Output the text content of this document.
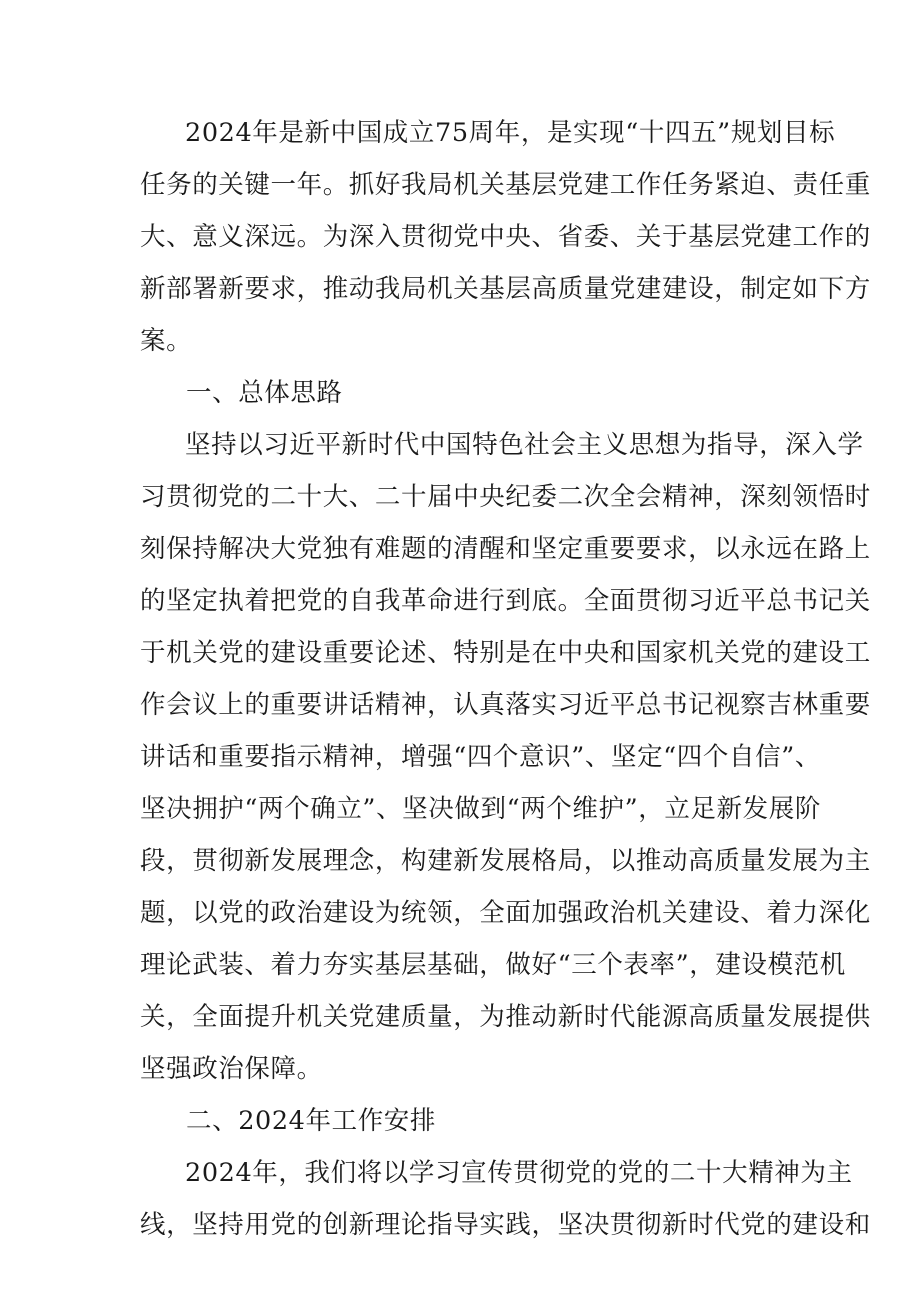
2024年是新中国成立75周年，是实现“十四五”规划目标
任务的关键一年。抓好我局机关基层党建工作任务紧迫、责任重
大、意义深远。为深入贯彻党中央、省委、关于基层党建工作的
新部署新要求，推动我局机关基层高质量党建建设，制定如下方
案。
一、总体思路
坚持以习近平新时代中国特色社会主义思想为指导，深入学
习贯彻党的二十大、二十届中央纪委二次全会精神，深刻领悟时
刻保持解决大党独有难题的清醒和坚定重要要求，以永远在路上
的坚定执着把党的自我革命进行到底。全面贯彻习近平总书记关
于机关党的建设重要论述、特别是在中央和国家机关党的建设工
作会议上的重要讲话精神，认真落实习近平总书记视察吉林重要
讲话和重要指示精神，增强“四个意识”、坚定“四个自信”、
坚决拥护“两个确立”、坚决做到“两个维护”，立足新发展阶
段，贯彻新发展理念，构建新发展格局，以推动高质量发展为主
题，以党的政治建设为统领，全面加强政治机关建设、着力深化
理论武装、着力夯实基层基础，做好“三个表率”，建设模范机
关，全面提升机关党建质量，为推动新时代能源高质量发展提供
坚强政治保障。
二、2024年工作安排
2024年，我们将以学习宣传贯彻党的党的二十大精神为主
线，坚持用党的创新理论指导实践，坚决贯彻新时代党的建设和
